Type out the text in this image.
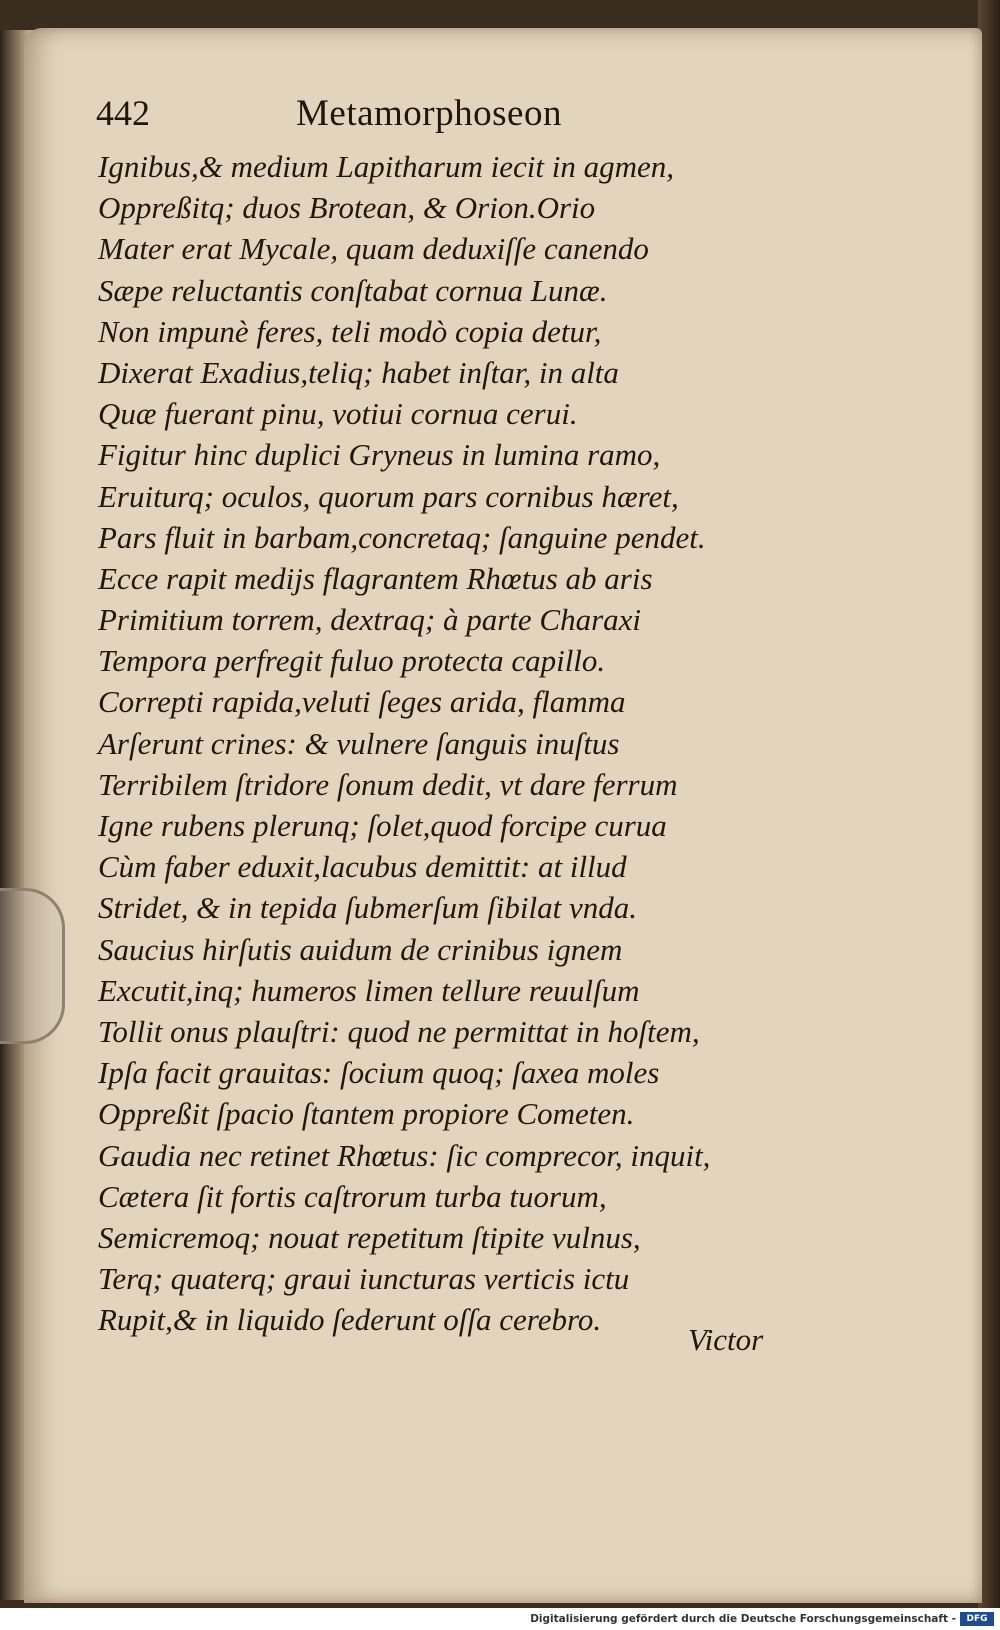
442	Metamorphoseon
Ignibus,& medium Lapitharum iecit in agmen,
Oppreßitq; duos Brotean, & Orion.Orio
Mater erat Mycale, quam deduxiſſe canendo
Sæpe reluctantis conſtabat cornua Lunæ.
Non impunè feres, teli modò copia detur,
Dixerat Exadius,teliq; habet inſtar, in alta
Quæ fuerant pinu, votiui cornua cerui.
Figitur hinc duplici Gryneus in lumina ramo,
Eruiturq; oculos, quorum pars cornibus hæret,
Pars fluit in barbam,concretaq; ſanguine pendet.
Ecce rapit medijs flagrantem Rhœtus ab aris
Primitium torrem, dextraq; à parte Charaxi
Tempora perfregit fuluo protecta capillo.
Correpti rapida,veluti ſeges arida, flamma
Arſerunt crines: & vulnere ſanguis inuſtus
Terribilem ſtridore ſonum dedit, vt dare ferrum
Igne rubens plerunq; ſolet,quod forcipe curua
Cùm faber eduxit,lacubus demittit: at illud
Stridet, & in tepida ſubmerſum ſibilat vnda.
Saucius hirſutis auidum de crinibus ignem
Excutit,inq; humeros limen tellure reuulſum
Tollit onus plauſtri: quod ne permittat in hoſtem,
Ipſa facit grauitas: ſocium quoq; ſaxea moles
Oppreßit ſpacio ſtantem propiore Cometen.
Gaudia nec retinet Rhœtus: ſic comprecor, inquit,
Cætera ſit fortis caſtrorum turba tuorum,
Semicremoq; nouat repetitum ſtipite vulnus,
Terq; quaterq; graui iuncturas verticis ictu
Rupit,& in liquido ſederunt oſſa cerebro.
Victor
Digitalisierung gefördert durch die Deutsche Forschungsgemeinschaft -	DFG
